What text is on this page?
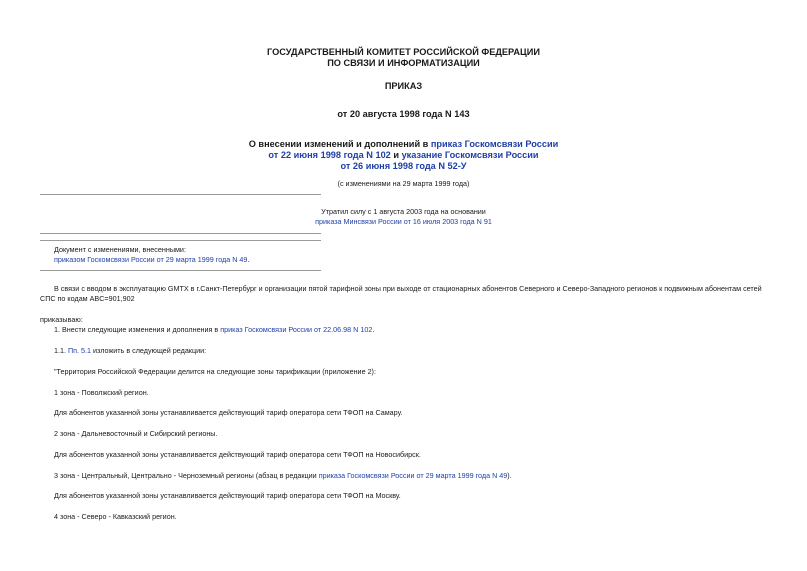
ГОСУДАРСТВЕННЫЙ КОМИТЕТ РОССИЙСКОЙ ФЕДЕРАЦИИ
ПО СВЯЗИ И ИНФОРМАТИЗАЦИИ
ПРИКАЗ
от 20 августа 1998 года N 143
О внесении изменений и дополнений в приказ Госкомсвязи России
от 22 июня 1998 года N 102 и указание Госкомсвязи России
от 26 июня 1998 года N 52-У
(с изменениями на 29 марта 1999 года)
Утратил силу с 1 августа 2003 года на основании
приказа Минсвязи России от 16 июля 2003 года N 91
Документ с изменениями, внесенными:
приказом Госкомсвязи России от 29 марта 1999 года N 49.
В связи с вводом в эксплуатацию GMTX в г.Санкт-Петербург и организации пятой тарифной зоны при выходе от стационарных абонентов Северного и Северо-Западного регионов к подвижным абонентам сетей
СПС по кодам ABC=901,902
приказываю:
1. Внести следующие изменения и дополнения в приказ Госкомсвязи России от 22.06.98 N 102.
1.1. Пп. 5.1 изложить в следующей редакции:
"Территория Российской Федерации делится на следующие зоны тарификации (приложение 2):
1 зона - Поволжский регион.
Для абонентов указанной зоны устанавливается действующий тариф оператора сети ТФОП на Самару.
2 зона - Дальневосточный и Сибирский регионы.
Для абонентов указанной зоны устанавливается действующий тариф оператора сети ТФОП на Новосибирск.
3 зона - Центральный, Центрально - Черноземный регионы (абзац в редакции приказа Госкомсвязи России от 29 марта 1999 года N 49).
Для абонентов указанной зоны устанавливается действующий тариф оператора сети ТФОП на Москву.
4 зона - Северо - Кавказский регион.
